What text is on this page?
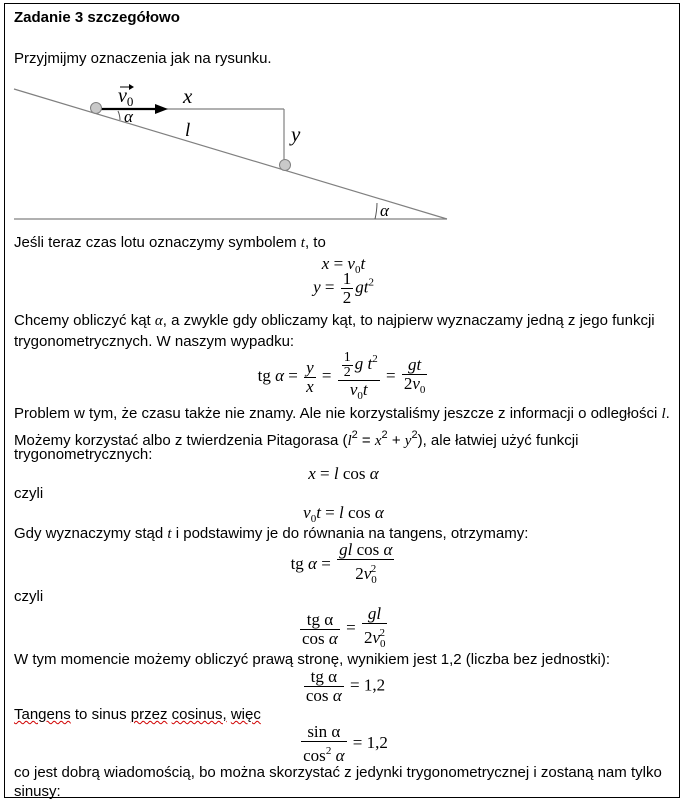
Zadanie 3 szczegółowo
Przyjmijmy oznaczenia jak na rysunku.
$v_0$ x
l	y
α
α
Jeśli teraz czas lotu oznaczymy symbolem t, to
$x = v_0t$
$y = \frac{1}{2} gt^2$
Chcemy obliczyć kąt α, a zwykle gdy obliczamy kąt, to najpierw wyznaczamy jedną z jego funkcji
trygonometrycznych. W naszym wypadku:
tg $\alpha = \frac{y}{x} = \frac{\frac{1}{2} g t^2}{v_0t} = \frac{gt}{2v_0}$
Problem w tym, że czasu także nie znamy. Ale nie korzystaliśmy jeszcze z informacji o odległości l.
Możemy korzystać albo z twierdzenia Pitagorasa $(l^2 = x^2 + y^2)$, ale łatwiej użyć funkcji
trygonometrycznych:
x = l cos α
czyli
$v_0t = l$ cos α
Gdy wyznaczymy stąd t i podstawimy je do równania na tangens, otrzymamy:
tg $\alpha = \frac{\text{gl cos α}}{2v_0^2}$
czyli
$\frac{\text{tg α}}{\text{cos α}} = \frac{gl}{2v_0^2}$
W tym momencie możemy obliczyć prawą stronę, wynikiem jest 1,2 (liczba bez jednostki):
$\frac{\text{tg α}}{\text{cos α}} = 1,2$
Tangens to sinus przez cosinus, więc
$\frac{\text{sin α}}{\cos^2 \alpha} = 1,2$
co jest dobrą wiadomością, bo można skorzystać z jedynki trygonometrycznej i zostaną nam tylko
sinusy:
